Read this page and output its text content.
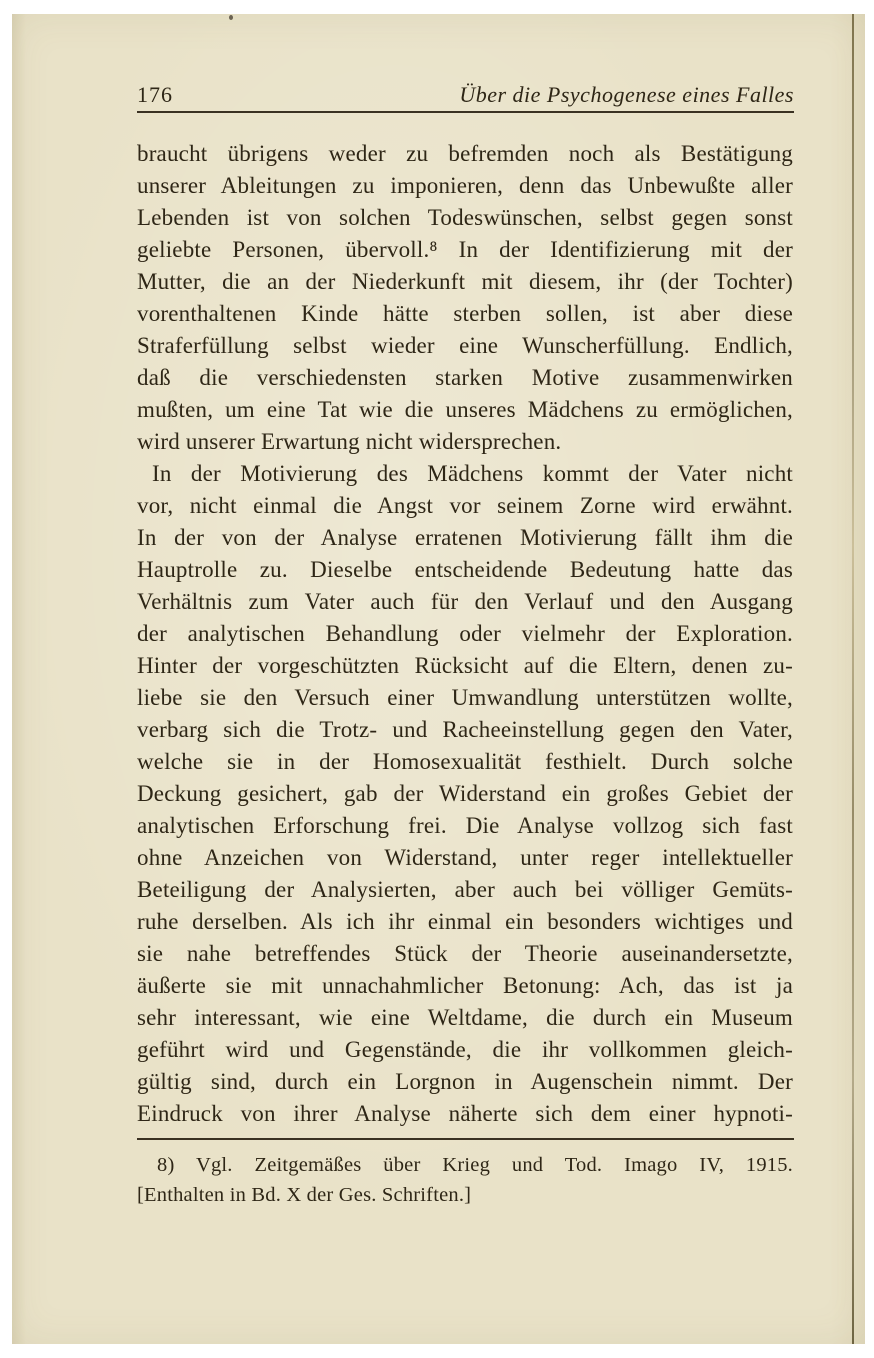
176	Über die Psychogenese eines Falles
braucht übrigens weder zu befremden noch als Bestätigung
unserer Ableitungen zu imponieren, denn das Unbewußte aller
Lebenden ist von solchen Todeswünschen, selbst gegen sonst
geliebte Personen, übervoll.⁸ In der Identifizierung mit der
Mutter, die an der Niederkunft mit diesem, ihr (der Tochter)
vorenthaltenen Kinde hätte sterben sollen, ist aber diese
Straferfüllung selbst wieder eine Wunscherfüllung. Endlich,
daß die verschiedensten starken Motive zusammenwirken
mußten, um eine Tat wie die unseres Mädchens zu ermöglichen,
wird unserer Erwartung nicht widersprechen.
In der Motivierung des Mädchens kommt der Vater nicht
vor, nicht einmal die Angst vor seinem Zorne wird erwähnt.
In der von der Analyse erratenen Motivierung fällt ihm die
Hauptrolle zu. Dieselbe entscheidende Bedeutung hatte das
Verhältnis zum Vater auch für den Verlauf und den Ausgang
der analytischen Behandlung oder vielmehr der Exploration.
Hinter der vorgeschützten Rücksicht auf die Eltern, denen zu-
liebe sie den Versuch einer Umwandlung unterstützen wollte,
verbarg sich die Trotz- und Racheeinstellung gegen den Vater,
welche sie in der Homosexualität festhielt. Durch solche
Deckung gesichert, gab der Widerstand ein großes Gebiet der
analytischen Erforschung frei. Die Analyse vollzog sich fast
ohne Anzeichen von Widerstand, unter reger intellektueller
Beteiligung der Analysierten, aber auch bei völliger Gemüts-
ruhe derselben. Als ich ihr einmal ein besonders wichtiges und
sie nahe betreffendes Stück der Theorie auseinandersetzte,
äußerte sie mit unnachahmlicher Betonung: Ach, das ist ja
sehr interessant, wie eine Weltdame, die durch ein Museum
geführt wird und Gegenstände, die ihr vollkommen gleich-
gültig sind, durch ein Lorgnon in Augenschein nimmt. Der
Eindruck von ihrer Analyse näherte sich dem einer hypnoti-
8) Vgl. Zeitgemäßes über Krieg und Tod. Imago IV, 1915.
[Enthalten in Bd. X der Ges. Schriften.]
